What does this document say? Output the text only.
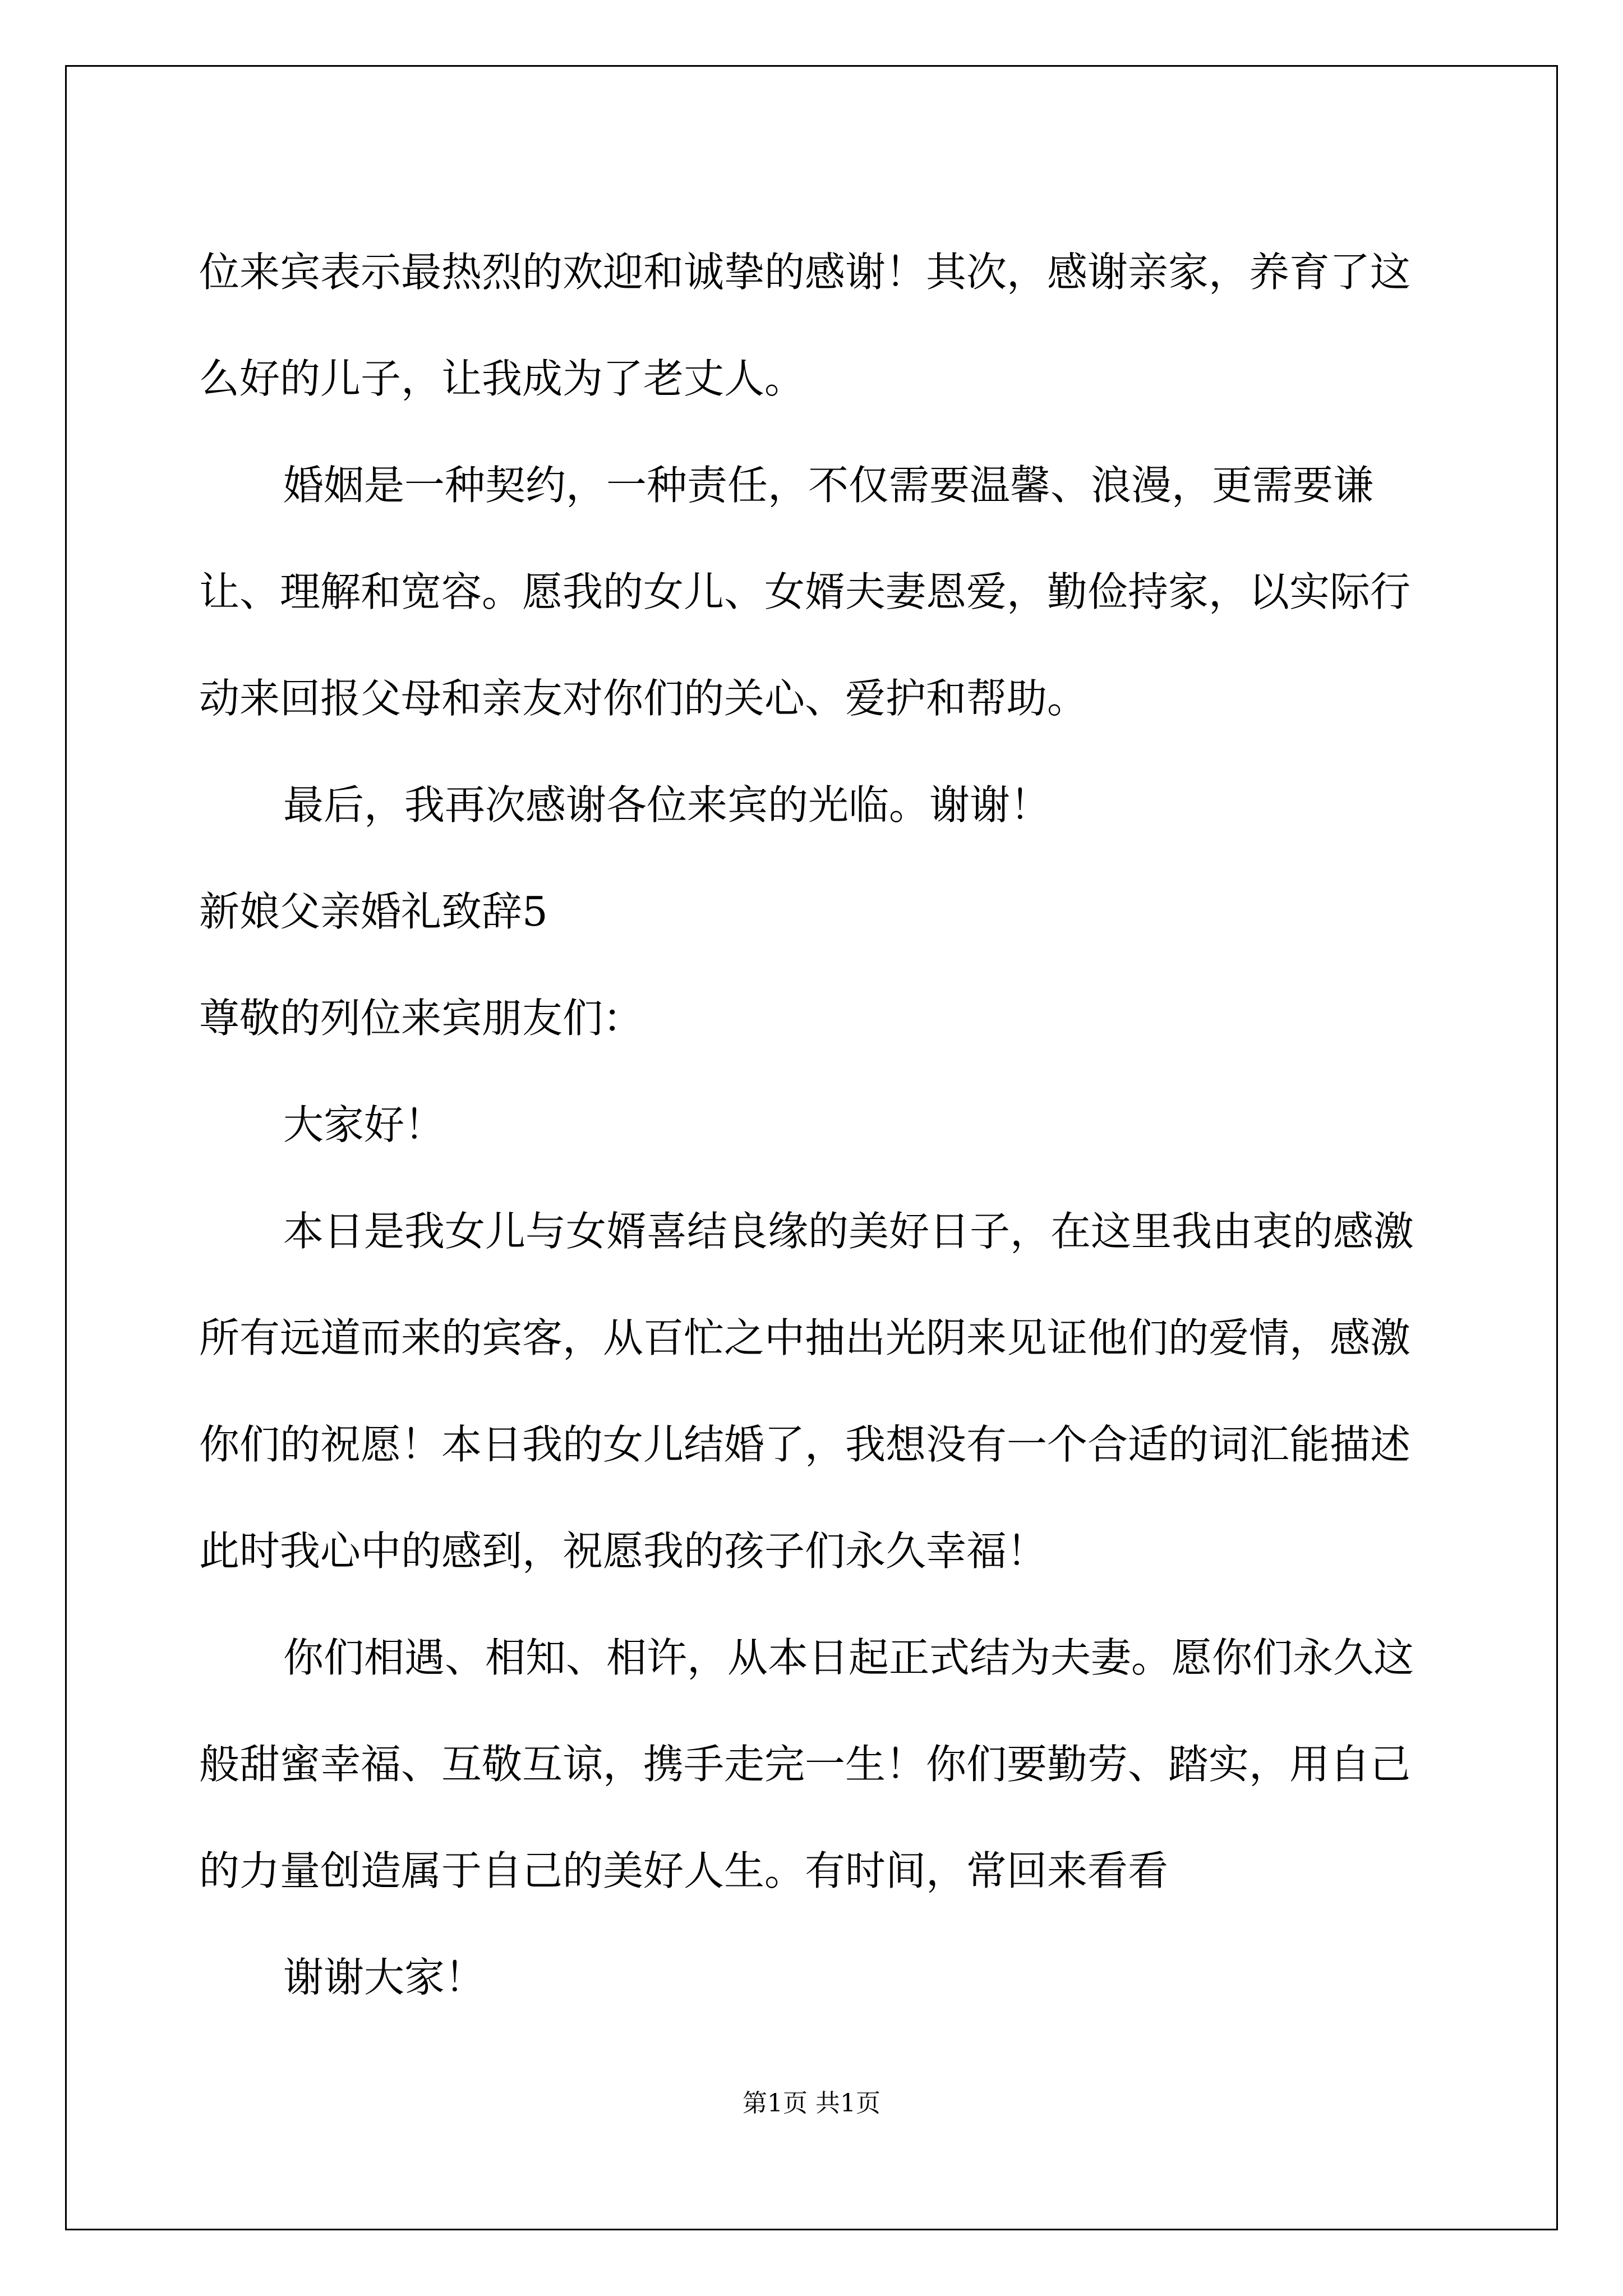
位来宾表示最热烈的欢迎和诚挚的感谢！其次，感谢亲家，养育了这么好的儿子，让我成为了老丈人。

婚姻是一种契约，一种责任，不仅需要温馨、浪漫，更需要谦让、理解和宽容。愿我的女儿、女婿夫妻恩爱，勤俭持家，以实际行动来回报父母和亲友对你们的关心、爱护和帮助。

最后，我再次感谢各位来宾的光临。谢谢！

新娘父亲婚礼致辞5

尊敬的列位来宾朋友们：

大家好！

本日是我女儿与女婿喜结良缘的美好日子，在这里我由衷的感激所有远道而来的宾客，从百忙之中抽出光阴来见证他们的爱情，感激你们的祝愿！本日我的女儿结婚了，我想没有一个合适的词汇能描述此时我心中的感到，祝愿我的孩子们永久幸福！

你们相遇、相知、相许，从本日起正式结为夫妻。愿你们永久这般甜蜜幸福、互敬互谅，携手走完一生！你们要勤劳、踏实，用自己的力量创造属于自己的美好人生。有时间，常回来看看

谢谢大家！

第1页 共1页
